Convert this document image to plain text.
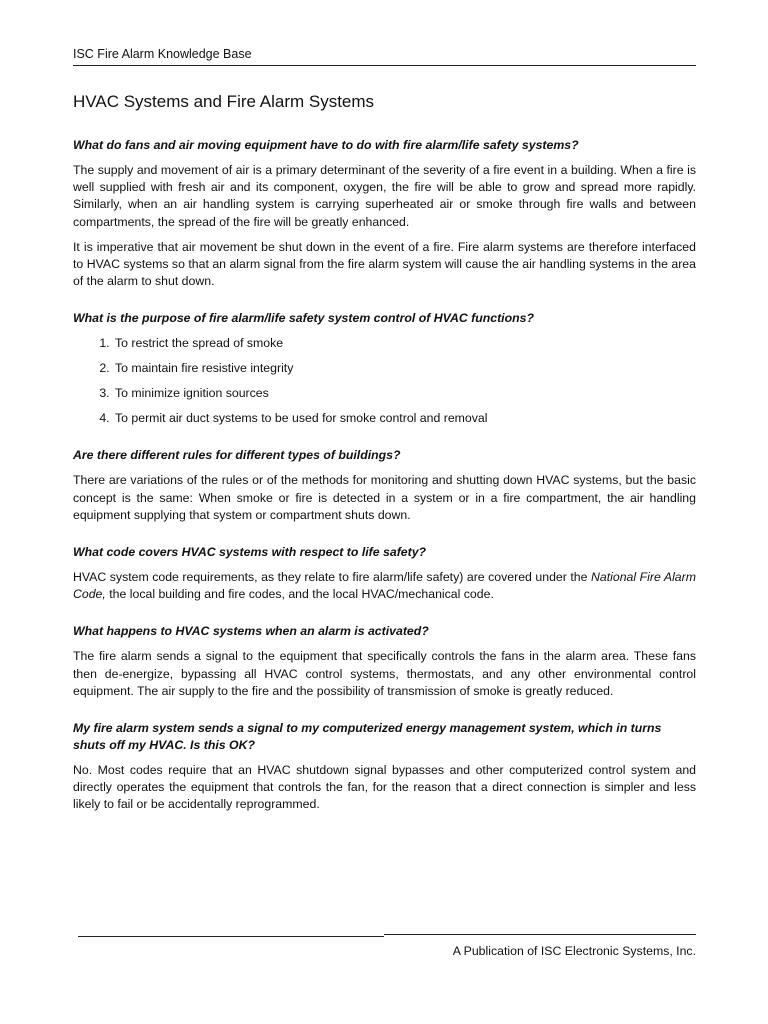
ISC Fire Alarm Knowledge Base
HVAC Systems and Fire Alarm Systems

What do fans and air moving equipment have to do with fire alarm/life safety systems?

The supply and movement of air is a primary determinant of the severity of a fire event in a building. When a fire is well supplied with fresh air and its component, oxygen, the fire will be able to grow and spread more rapidly. Similarly, when an air handling system is carrying superheated air or smoke through fire walls and between compartments, the spread of the fire will be greatly enhanced.

It is imperative that air movement be shut down in the event of a fire. Fire alarm systems are therefore interfaced to HVAC systems so that an alarm signal from the fire alarm system will cause the air handling systems in the area of the alarm to shut down.

What is the purpose of fire alarm/life safety system control of HVAC functions?

1. To restrict the spread of smoke
2. To maintain fire resistive integrity
3. To minimize ignition sources
4. To permit air duct systems to be used for smoke control and removal

Are there different rules for different types of buildings?

There are variations of the rules or of the methods for monitoring and shutting down HVAC systems, but the basic concept is the same: When smoke or fire is detected in a system or in a fire compartment, the air handling equipment supplying that system or compartment shuts down.

What code covers HVAC systems with respect to life safety?

HVAC system code requirements, as they relate to fire alarm/life safety) are covered under the National Fire Alarm Code, the local building and fire codes, and the local HVAC/mechanical code.

What happens to HVAC systems when an alarm is activated?

The fire alarm sends a signal to the equipment that specifically controls the fans in the alarm area. These fans then de-energize, bypassing all HVAC control systems, thermostats, and any other environmental control equipment. The air supply to the fire and the possibility of transmission of smoke is greatly reduced.

My fire alarm system sends a signal to my computerized energy management system, which in turns shuts off my HVAC. Is this OK?

No. Most codes require that an HVAC shutdown signal bypasses and other computerized control system and directly operates the equipment that controls the fan, for the reason that a direct connection is simpler and less likely to fail or be accidentally reprogrammed.

A Publication of ISC Electronic Systems, Inc.
